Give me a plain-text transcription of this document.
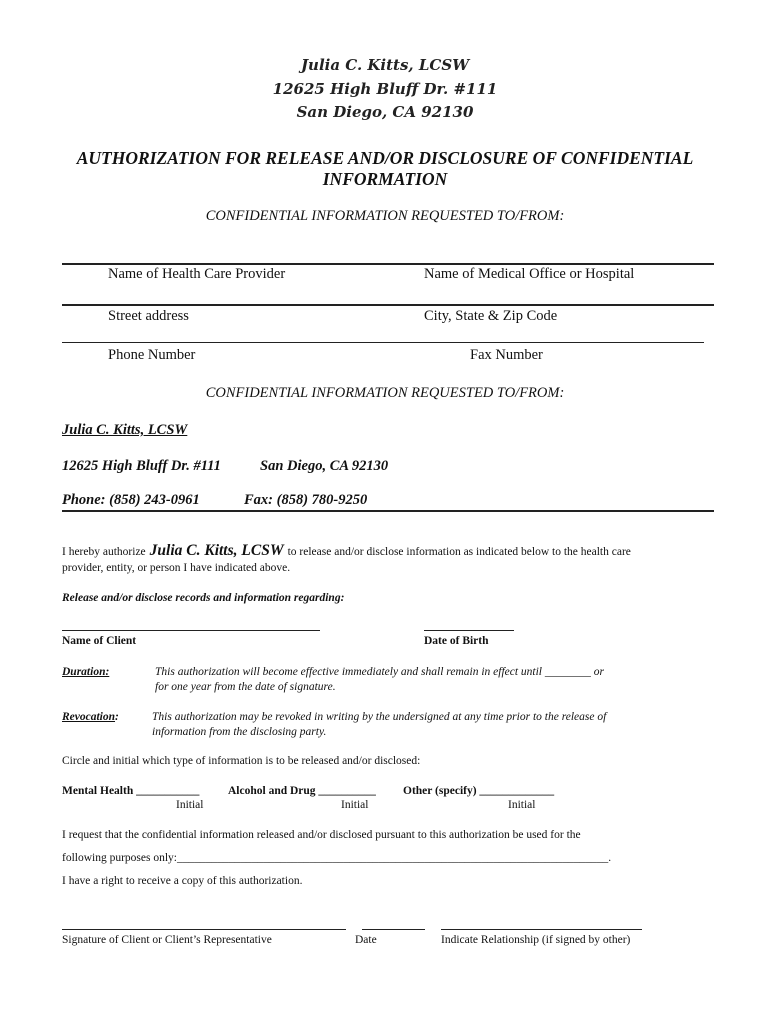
Julia C. Kitts, LCSW
12625 High Bluff Dr. #111
San Diego, CA 92130
AUTHORIZATION FOR RELEASE AND/OR DISCLOSURE OF CONFIDENTIAL INFORMATION
CONFIDENTIAL INFORMATION REQUESTED TO/FROM:
Name of Health Care Provider	Name of Medical Office or Hospital
Street address	City, State & Zip Code
Phone Number	Fax Number
CONFIDENTIAL INFORMATION REQUESTED TO/FROM:
Julia C. Kitts, LCSW
12625 High Bluff Dr. #111	San Diego, CA 92130
Phone: (858) 243-0961	Fax: (858) 780-9250
I hereby authorize Julia C. Kitts, LCSW to release and/or disclose information as indicated below to the health care
provider, entity, or person I have indicated above.
Release and/or disclose records and information regarding:
Name of Client	Date of Birth
Duration:	This authorization will become effective immediately and shall remain in effect until ________ or
for one year from the date of signature.
Revocation:	This authorization may be revoked in writing by the undersigned at any time prior to the release of
information from the disclosing party.
Circle and initial which type of information is to be released and/or disclosed:
Mental Health ___________ Alcohol and Drug __________ Other (specify) _____________
Initial	Initial	Initial
I request that the confidential information released and/or disclosed pursuant to this authorization be used for the
following purposes only:___________________________________________________________________________.
I have a right to receive a copy of this authorization.
Signature of Client or Client’s Representative	Date	Indicate Relationship (if signed by other)
